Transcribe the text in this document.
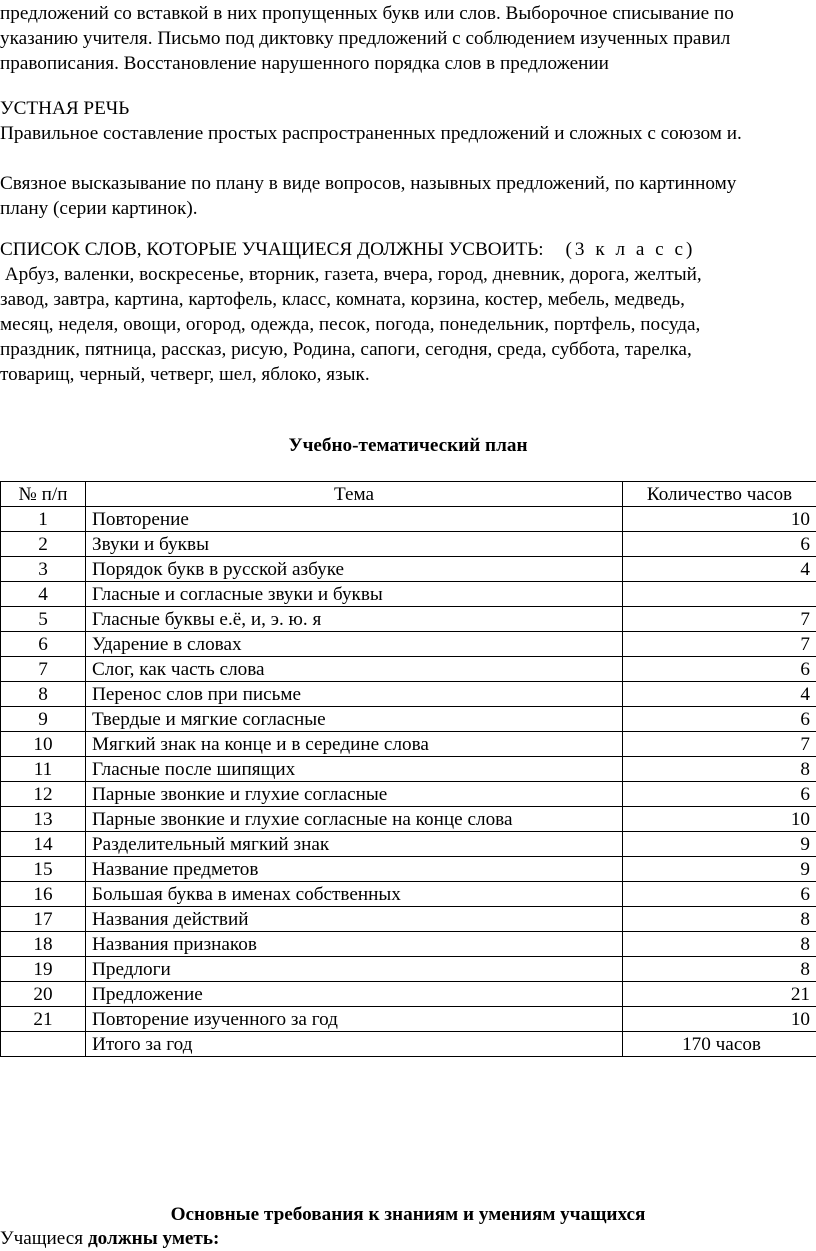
предложений со вставкой в них пропущенных букв или слов. Выборочное списывание по
указанию учителя. Письмо под диктовку предложений с соблюдением изученных правил
правописания. Восстановление нарушенного порядка слов в предложении
УСТНАЯ РЕЧЬ
Правильное составление простых распространенных предложений и сложных с союзом и.
Связное высказывание по плану в виде вопросов, назывных предложений, по картинному
плану (серии картинок).
СПИСОК СЛОВ, КОТОРЫЕ УЧАЩИЕСЯ ДОЛЖНЫ УСВОИТЬ: (3 к л а с с)
Арбуз, валенки, воскресенье, вторник, газета, вчера, город, дневник, дорога, желтый,
завод, завтра, картина, картофель, класс, комната, корзина, костер, мебель, медведь,
месяц, неделя, овощи, огород, одежда, песок, погода, понедельник, портфель, посуда,
праздник, пятница, рассказ, рисую, Родина, сапоги, сегодня, среда, суббота, тарелка,
товарищ, черный, четверг, шел, яблоко, язык.
Учебно-тематический план
№ п/п	Тема	Количество часов
1	Повторение	10
2	Звуки и буквы	6
3	Порядок букв в русской азбуке	4
4	Гласные и согласные звуки и буквы	
5	Гласные буквы е.ё, и, э. ю. я	7
6	Ударение в словах	7
7	Слог, как часть слова	6
8	Перенос слов при письме	4
9	Твердые и мягкие согласные	6
10	Мягкий знак на конце и в середине слова	7
11	Гласные после шипящих	8
12	Парные звонкие и глухие согласные	6
13	Парные звонкие и глухие согласные на конце слова	10
14	Разделительный мягкий знак	9
15	Название предметов	9
16	Большая буква в именах собственных	6
17	Названия действий	8
18	Названия признаков	8
19	Предлоги	8
20	Предложение	21
21	Повторение изученного за год	10
	Итого за год	170 часов
Основные требования к знаниям и умениям учащихся
Учащиеся должны уметь:
